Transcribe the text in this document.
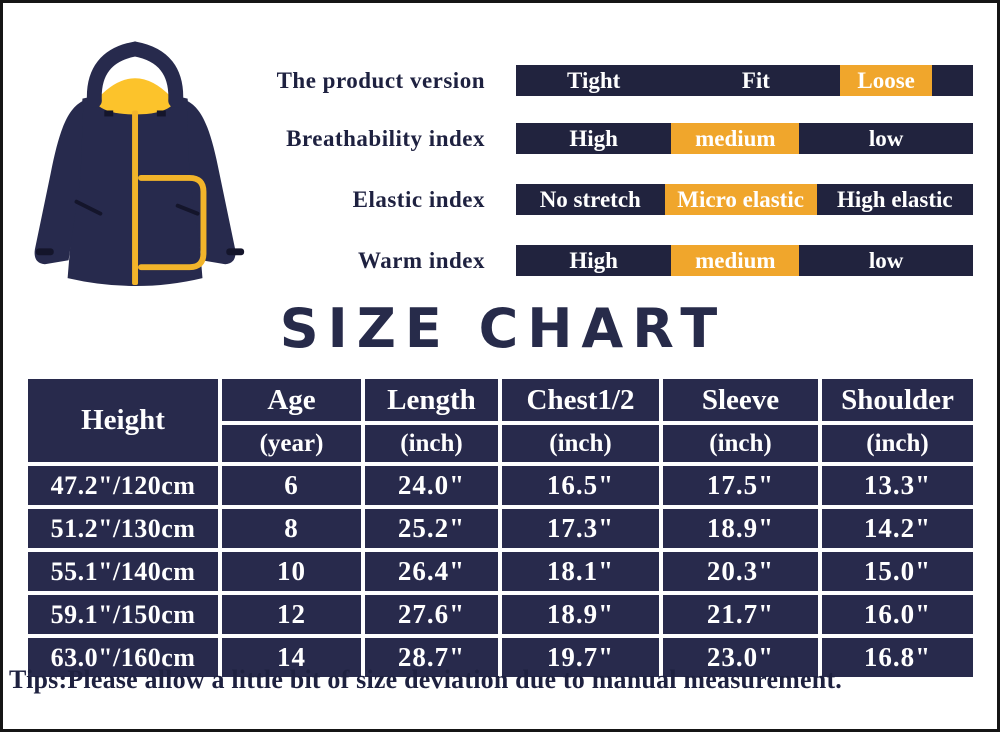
The product version	Tight	Fit	Loose
Breathability index	High	medium	low
Elastic index	No stretch	Micro elastic	High elastic
Warm index	High	medium	low
SIZE CHART
Height	Age	Length	Chest1/2	Sleeve	Shoulder
	(year)	(inch)	(inch)	(inch)	(inch)
47.2"/120cm	6	24.0"	16.5"	17.5"	13.3"
51.2"/130cm	8	25.2"	17.3"	18.9"	14.2"
55.1"/140cm	10	26.4"	18.1"	20.3"	15.0"
59.1"/150cm	12	27.6"	18.9"	21.7"	16.0"
63.0"/160cm	14	28.7"	19.7"	23.0"	16.8"
Tips:Please allow a little bit of size deviation due to manual measurement.
